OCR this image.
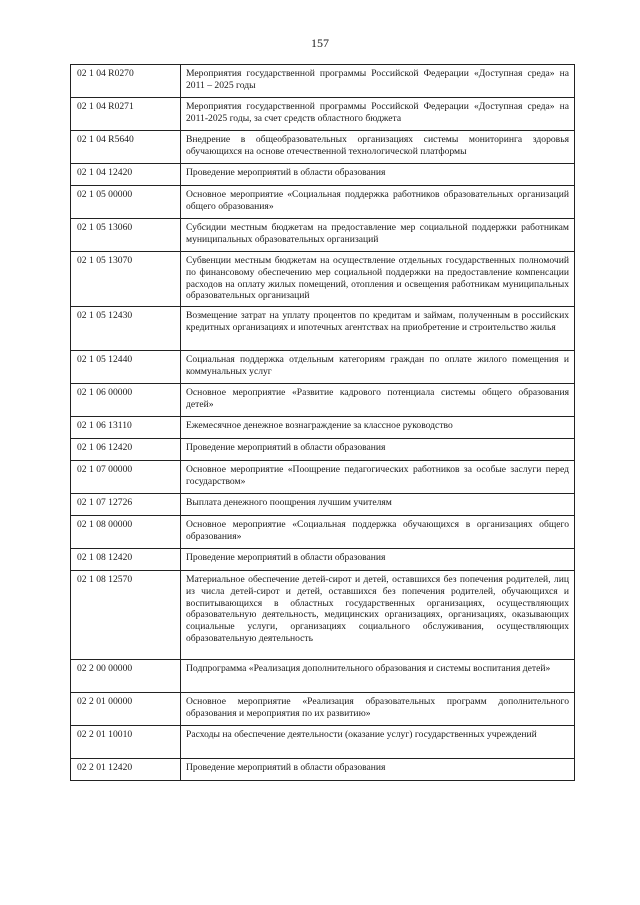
157
02 1 04 R0270	Мероприятия государственной программы Российской Федерации «Доступная среда» на 2011 – 2025 годы
02 1 04 R0271	Мероприятия государственной программы Российской Федерации «Доступная среда» на 2011-2025 годы, за счет средств областного бюджета
02 1 04 R5640	Внедрение в общеобразовательных организациях системы мониторинга здоровья обучающихся на основе отечественной технологической платформы
02 1 04 12420	Проведение мероприятий в области образования
02 1 05 00000	Основное мероприятие «Социальная поддержка работников образовательных организаций общего образования»
02 1 05 13060	Субсидии местным бюджетам на предоставление мер социальной поддержки работникам муниципальных образовательных организаций
02 1 05 13070	Субвенции местным бюджетам на осуществление отдельных государственных полномочий по финансовому обеспечению мер социальной поддержки на предоставление компенсации расходов на оплату жилых помещений, отопления и освещения работникам муниципальных образовательных организаций
02 1 05 12430	Возмещение затрат на уплату процентов по кредитам и займам, полученным в российских кредитных организациях и ипотечных агентствах на приобретение и строительство жилья
02 1 05 12440	Социальная поддержка отдельным категориям граждан по оплате жилого помещения и коммунальных услуг
02 1 06 00000	Основное мероприятие «Развитие кадрового потенциала системы общего образования детей»
02 1 06 13110	Ежемесячное денежное вознаграждение за классное руководство
02 1 06 12420	Проведение мероприятий в области образования
02 1 07 00000	Основное мероприятие «Поощрение педагогических работников за особые заслуги перед государством»
02 1 07 12726	Выплата денежного поощрения лучшим учителям
02 1 08 00000	Основное мероприятие «Социальная поддержка обучающихся в организациях общего образования»
02 1 08 12420	Проведение мероприятий в области образования
02 1 08 12570	Материальное обеспечение детей-сирот и детей, оставшихся без попечения родителей, лиц из числа детей-сирот и детей, оставшихся без попечения родителей, обучающихся и воспитывающихся в областных государственных организациях, осуществляющих образовательную деятельность, медицинских организациях, организациях, оказывающих социальные услуги, организациях социального обслуживания, осуществляющих образовательную деятельность
02 2 00 00000	Подпрограмма «Реализация дополнительного образования и системы воспитания детей»
02 2 01 00000	Основное мероприятие «Реализация образовательных программ дополнительного образования и мероприятия по их развитию»
02 2 01 10010	Расходы на обеспечение деятельности (оказание услуг) государственных учреждений
02 2 01 12420	Проведение мероприятий в области образования
